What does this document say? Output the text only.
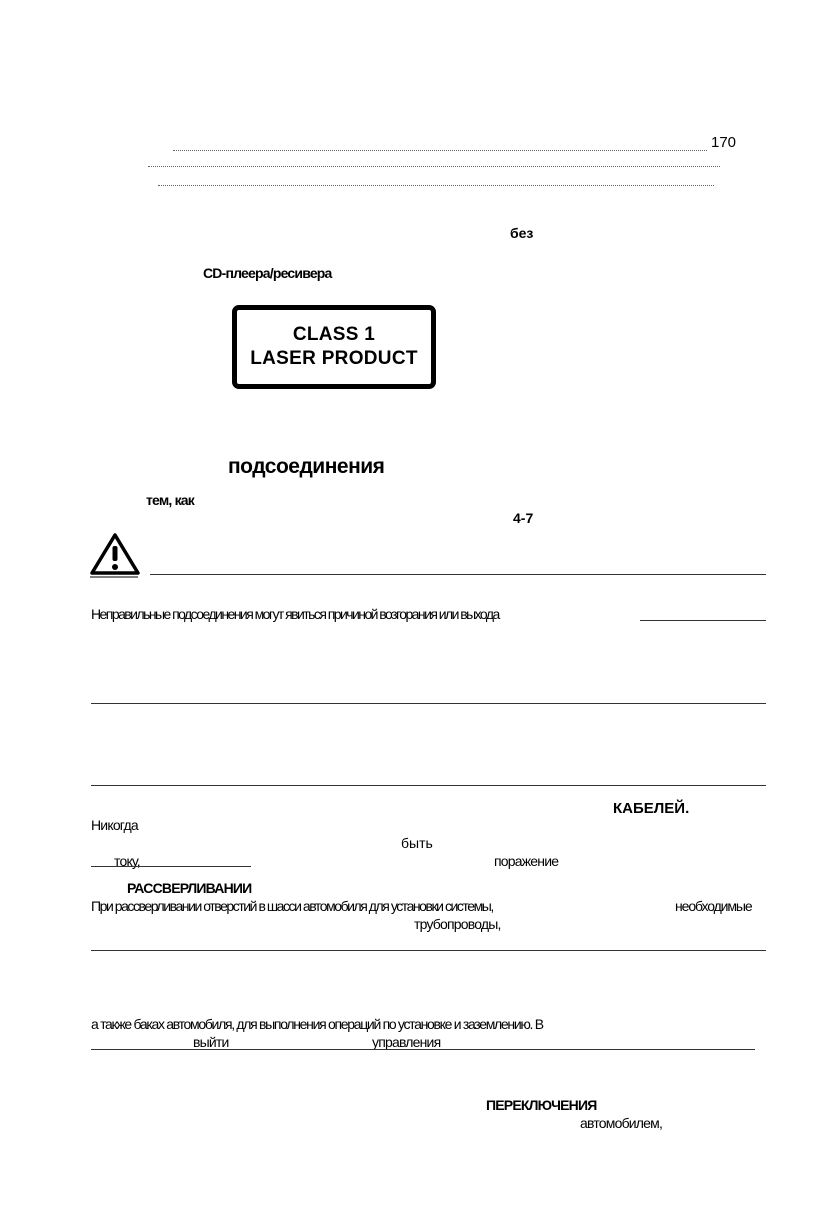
170
без
CD-плеера/ресивера
CLASS 1
LASER PRODUCT
подсоединения
тем, как
4-7
Неправильные подсоединения могут явиться причиной возгорания или выхода
КАБЕЛЕЙ.
Никогда
быть
току,	поражение
РАССВЕРЛИВАНИИ
При рассверливании отверстий в шасси автомобиля для установки системы,	необходимые
трубопроводы,
а также баках автомобиля, для выполнения операций по установке и заземлению. В
выйти	управления
ПЕРЕКЛЮЧЕНИЯ
автомобилем,
